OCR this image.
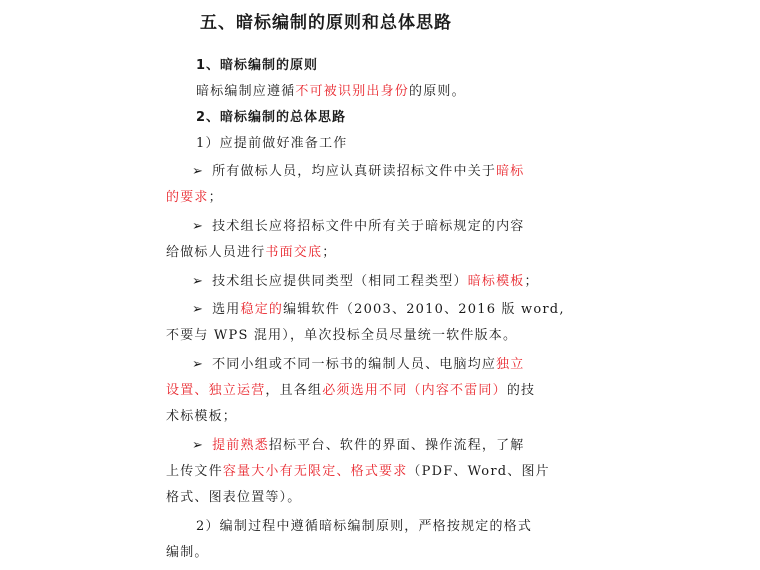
五、暗标编制的原则和总体思路
1、暗标编制的原则
暗标编制应遵循不可被识别出身份的原则。
2、暗标编制的总体思路
1）应提前做好准备工作
➢ 所有做标人员，均应认真研读招标文件中关于暗标
的要求；
➢ 技术组长应将招标文件中所有关于暗标规定的内容
给做标人员进行书面交底；
➢ 技术组长应提供同类型（相同工程类型）暗标模板；
➢ 选用稳定的编辑软件（2003、2010、2016 版 word,
不要与 WPS 混用），单次投标全员尽量统一软件版本。
➢ 不同小组或不同一标书的编制人员、电脑均应独立
设置、独立运营，且各组必须选用不同（内容不雷同）的技
术标模板；
➢ 提前熟悉招标平台、软件的界面、操作流程，了解
上传文件容量大小有无限定、格式要求（PDF、Word、图片
格式、图表位置等）。
2）编制过程中遵循暗标编制原则，严格按规定的格式
编制。
